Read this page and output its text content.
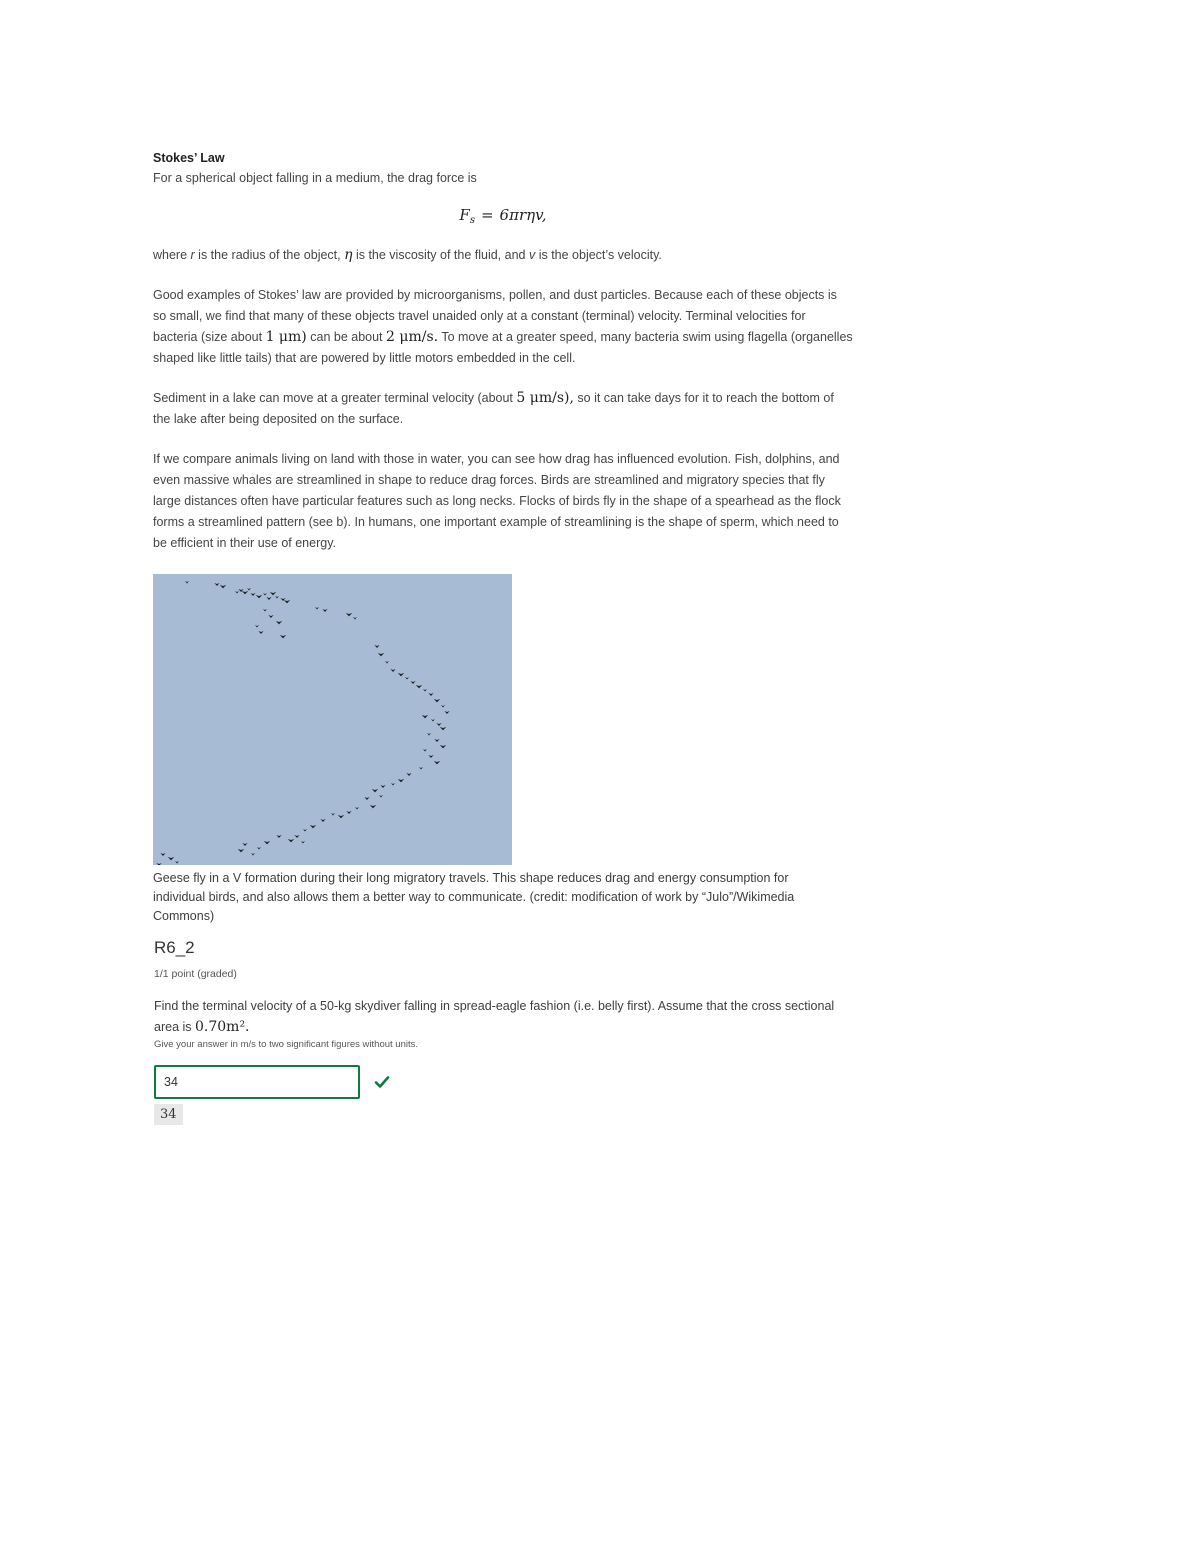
Stokes’ Law

For a spherical object falling in a medium, the drag force is

$F_s = 6\pi r\eta v$,

where r is the radius of the object, η is the viscosity of the fluid, and v is the object’s velocity.

Good examples of Stokes’ law are provided by microorganisms, pollen, and dust particles. Because each of these objects is so small, we find that many of these objects travel unaided only at a constant (terminal) velocity. Terminal velocities for bacteria (size about 1 μm) can be about 2 μm/s. To move at a greater speed, many bacteria swim using flagella (organelles shaped like little tails) that are powered by little motors embedded in the cell.

Sediment in a lake can move at a greater terminal velocity (about 5 μm/s), so it can take days for it to reach the bottom of the lake after being deposited on the surface.

If we compare animals living on land with those in water, you can see how drag has influenced evolution. Fish, dolphins, and even massive whales are streamlined in shape to reduce drag forces. Birds are streamlined and migratory species that fly large distances often have particular features such as long necks. Flocks of birds fly in the shape of a spearhead as the flock forms a streamlined pattern (see b). In humans, one important example of streamlining is the shape of sperm, which need to be efficient in their use of energy.

Geese fly in a V formation during their long migratory travels. This shape reduces drag and energy consumption for individual birds, and also allows them a better way to communicate. (credit: modification of work by “Julo”/Wikimedia Commons)

R6_2
1/1 point (graded)

Find the terminal velocity of a 50-kg skydiver falling in spread-eagle fashion (i.e. belly first). Assume that the cross sectional area is 0.70m².

Give your answer in m/s to two significant figures without units.

34
34
